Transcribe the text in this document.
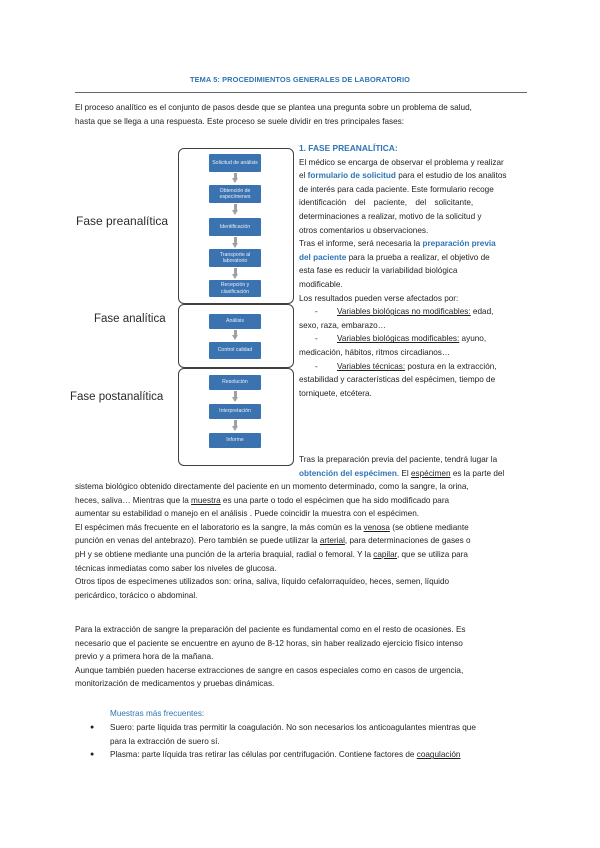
TEMA 5: PROCEDIMIENTOS GENERALES DE LABORATORIO
El proceso analítico es el conjunto de pasos desde que se plantea una pregunta sobre un problema de salud,
hasta que se llega a una respuesta. Este proceso se suele dividir en tres principales fases:
Fase preanalítica
Fase analítica
Fase postanalítica
Solicitud de análisis
Obtención de especímenes
Identificación
Transporte al laboratorio
Recepción y clasificación
Análisis
Control calidad
Resolución
Interpretación
Informe
1. FASE PREANALÍTICA:
El médico se encarga de observar el problema y realizar
el formulario de solicitud para el estudio de los analitos
de interés para cada paciente. Este formulario recoge
identificación del paciente, del solicitante,
determinaciones a realizar, motivo de la solicitud y
otros comentarios u observaciones.
Tras el informe, será necesaria la preparación previa
del paciente para la prueba a realizar, el objetivo de
esta fase es reducir la variabilidad biológica
modificable.
Los resultados pueden verse afectados por:
- Variables biológicas no modificables: edad,
sexo, raza, embarazo…
- Variables biológicas modificables: ayuno,
medicación, hábitos, ritmos circadianos…
- Variables técnicas: postura en la extracción,
estabilidad y características del espécimen, tiempo de
torniquete, etcétera.
Tras la preparación previa del paciente, tendrá lugar la
obtención del espécimen. El espécimen es la parte del
sistema biológico obtenido directamente del paciente en un momento determinado, como la sangre, la orina,
heces, saliva… Mientras que la muestra es una parte o todo el espécimen que ha sido modificado para
aumentar su estabilidad o manejo en el análisis . Puede coincidir la muestra con el espécimen.
El espécimen más frecuente en el laboratorio es la sangre, la más común es la venosa (se obtiene mediante
punción en venas del antebrazo). Pero también se puede utilizar la arterial, para determinaciones de gases o
pH y se obtiene mediante una punción de la arteria braquial, radial o femoral. Y la capilar, que se utiliza para
técnicas inmediatas como saber los niveles de glucosa.
Otros tipos de especímenes utilizados son: orina, saliva, líquido cefalorraquídeo, heces, semen, líquido
pericárdico, torácico o abdominal.
Para la extracción de sangre la preparación del paciente es fundamental como en el resto de ocasiones. Es
necesario que el paciente se encuentre en ayuno de 8-12 horas, sin haber realizado ejercicio físico intenso
previo y a primera hora de la mañana.
Aunque también pueden hacerse extracciones de sangre en casos especiales como en casos de urgencia,
monitorización de medicamentos y pruebas dinámicas.
Muestras más frecuentes:
● Suero: parte líquida tras permitir la coagulación. No son necesarios los anticoagulantes mientras que
para la extracción de suero sí.
● Plasma: parte líquida tras retirar las células por centrifugación. Contiene factores de coagulación
